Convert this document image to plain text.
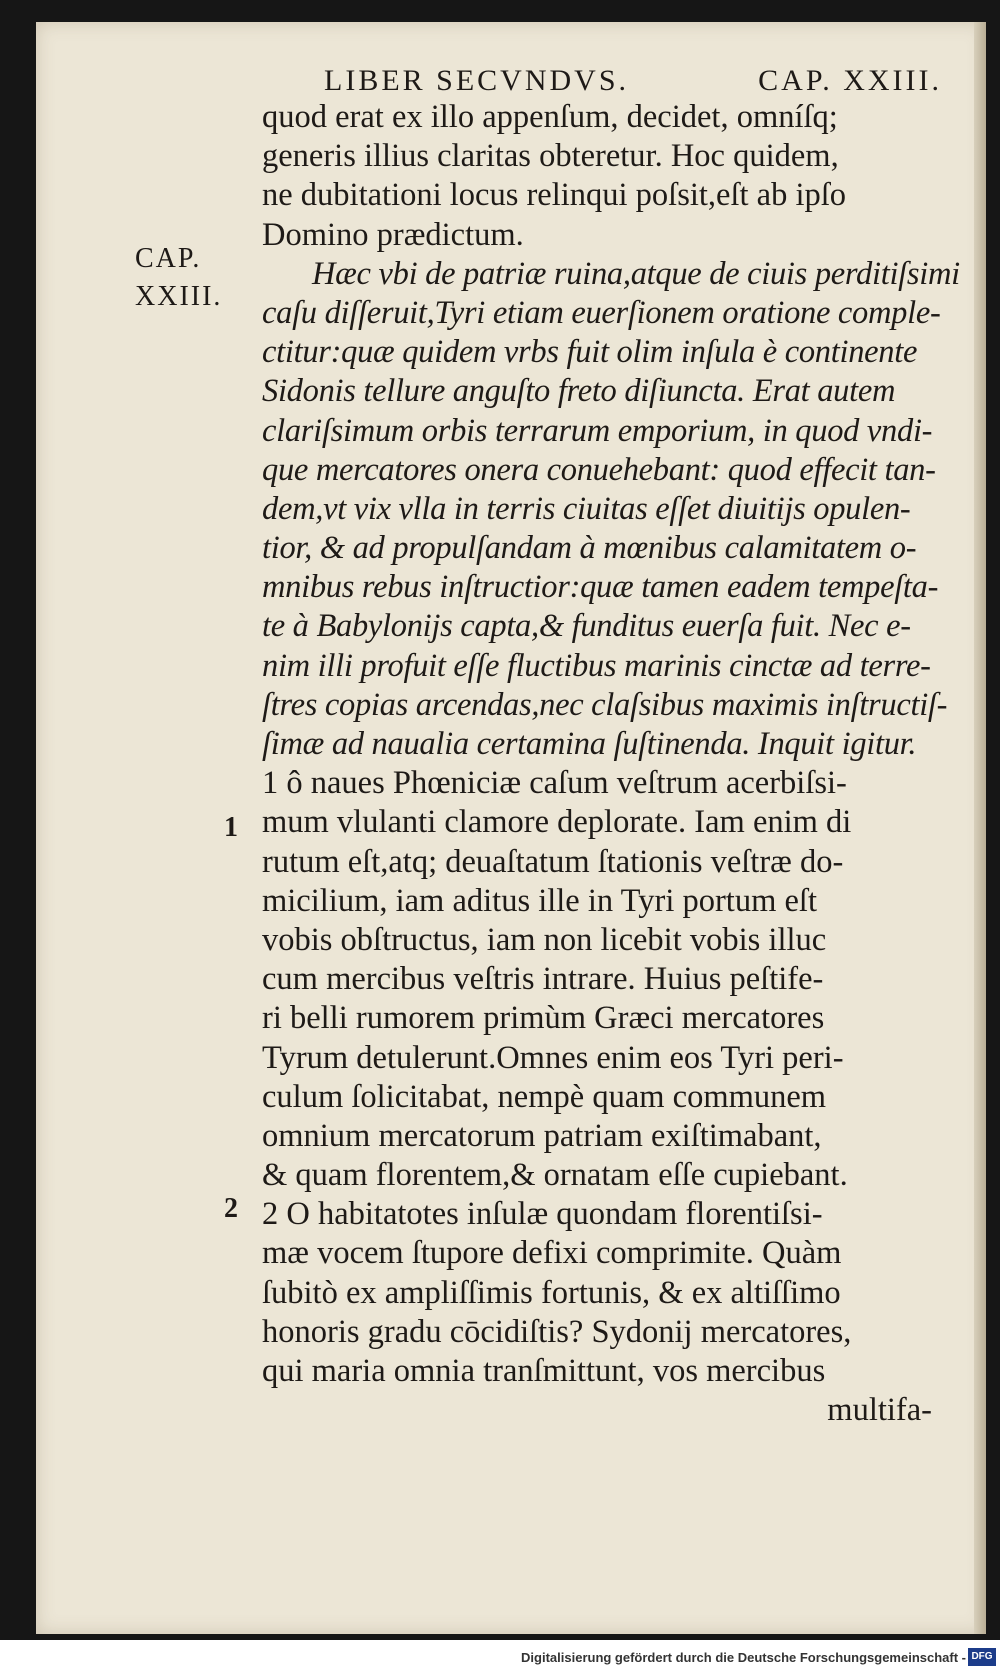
CAP.
XXIII.
1
2
LIBER SECVNDVS.	CAP. XXIII.
quod erat ex illo appenſum, decidet, omníſq;
generis illius claritas obteretur. Hoc quidem,
ne dubitationi locus relinqui poſsit,eſt ab ipſo
Domino prædictum.
Hæc vbi de patriæ ruina,atque de ciuis perditiſsimi
caſu diſſeruit,Tyri etiam euerſionem oratione comple-
ctitur:quæ quidem vrbs fuit olim inſula è continente
Sidonis tellure anguſto freto diſiuncta. Erat autem
clariſsimum orbis terrarum emporium, in quod vndi-
que mercatores onera conuehebant: quod effecit tan-
dem,vt vix vlla in terris ciuitas eſſet diuitijs opulen-
tior, & ad propulſandam à mœnibus calamitatem o-
mnibus rebus inſtructior:quæ tamen eadem tempeſta-
te à Babylonijs capta,& funditus euerſa fuit. Nec e-
nim illi profuit eſſe fluctibus marinis cinctæ ad terre-
ſtres copias arcendas,nec claſsibus maximis inſtructiſ-
ſimæ ad naualia certamina ſuſtinenda. Inquit igitur.
1 ô naues Phœniciæ caſum veſtrum acerbiſsi-
mum vlulanti clamore deplorate. Iam enim di
rutum eſt,atq; deuaſtatum ſtationis veſtræ do-
micilium, iam aditus ille in Tyri portum eſt
vobis obſtructus, iam non licebit vobis illuc
cum mercibus veſtris intrare. Huius peſtife-
ri belli rumorem primùm Græci mercatores
Tyrum detulerunt.Omnes enim eos Tyri peri-
culum ſolicitabat, nempè quam communem
omnium mercatorum patriam exiſtimabant,
& quam florentem,& ornatam eſſe cupiebant.
2 O habitatotes inſulæ quondam florentiſsi-
mæ vocem ſtupore defixi comprimite. Quàm
ſubitò ex ampliſſimis fortunis, & ex altiſſimo
honoris gradu cōcidiſtis? Sydonij mercatores,
qui maria omnia tranſmittunt, vos mercibus
multifa-
Digitalisierung gefördert durch die Deutsche Forschungsgemeinschaft - DFG
